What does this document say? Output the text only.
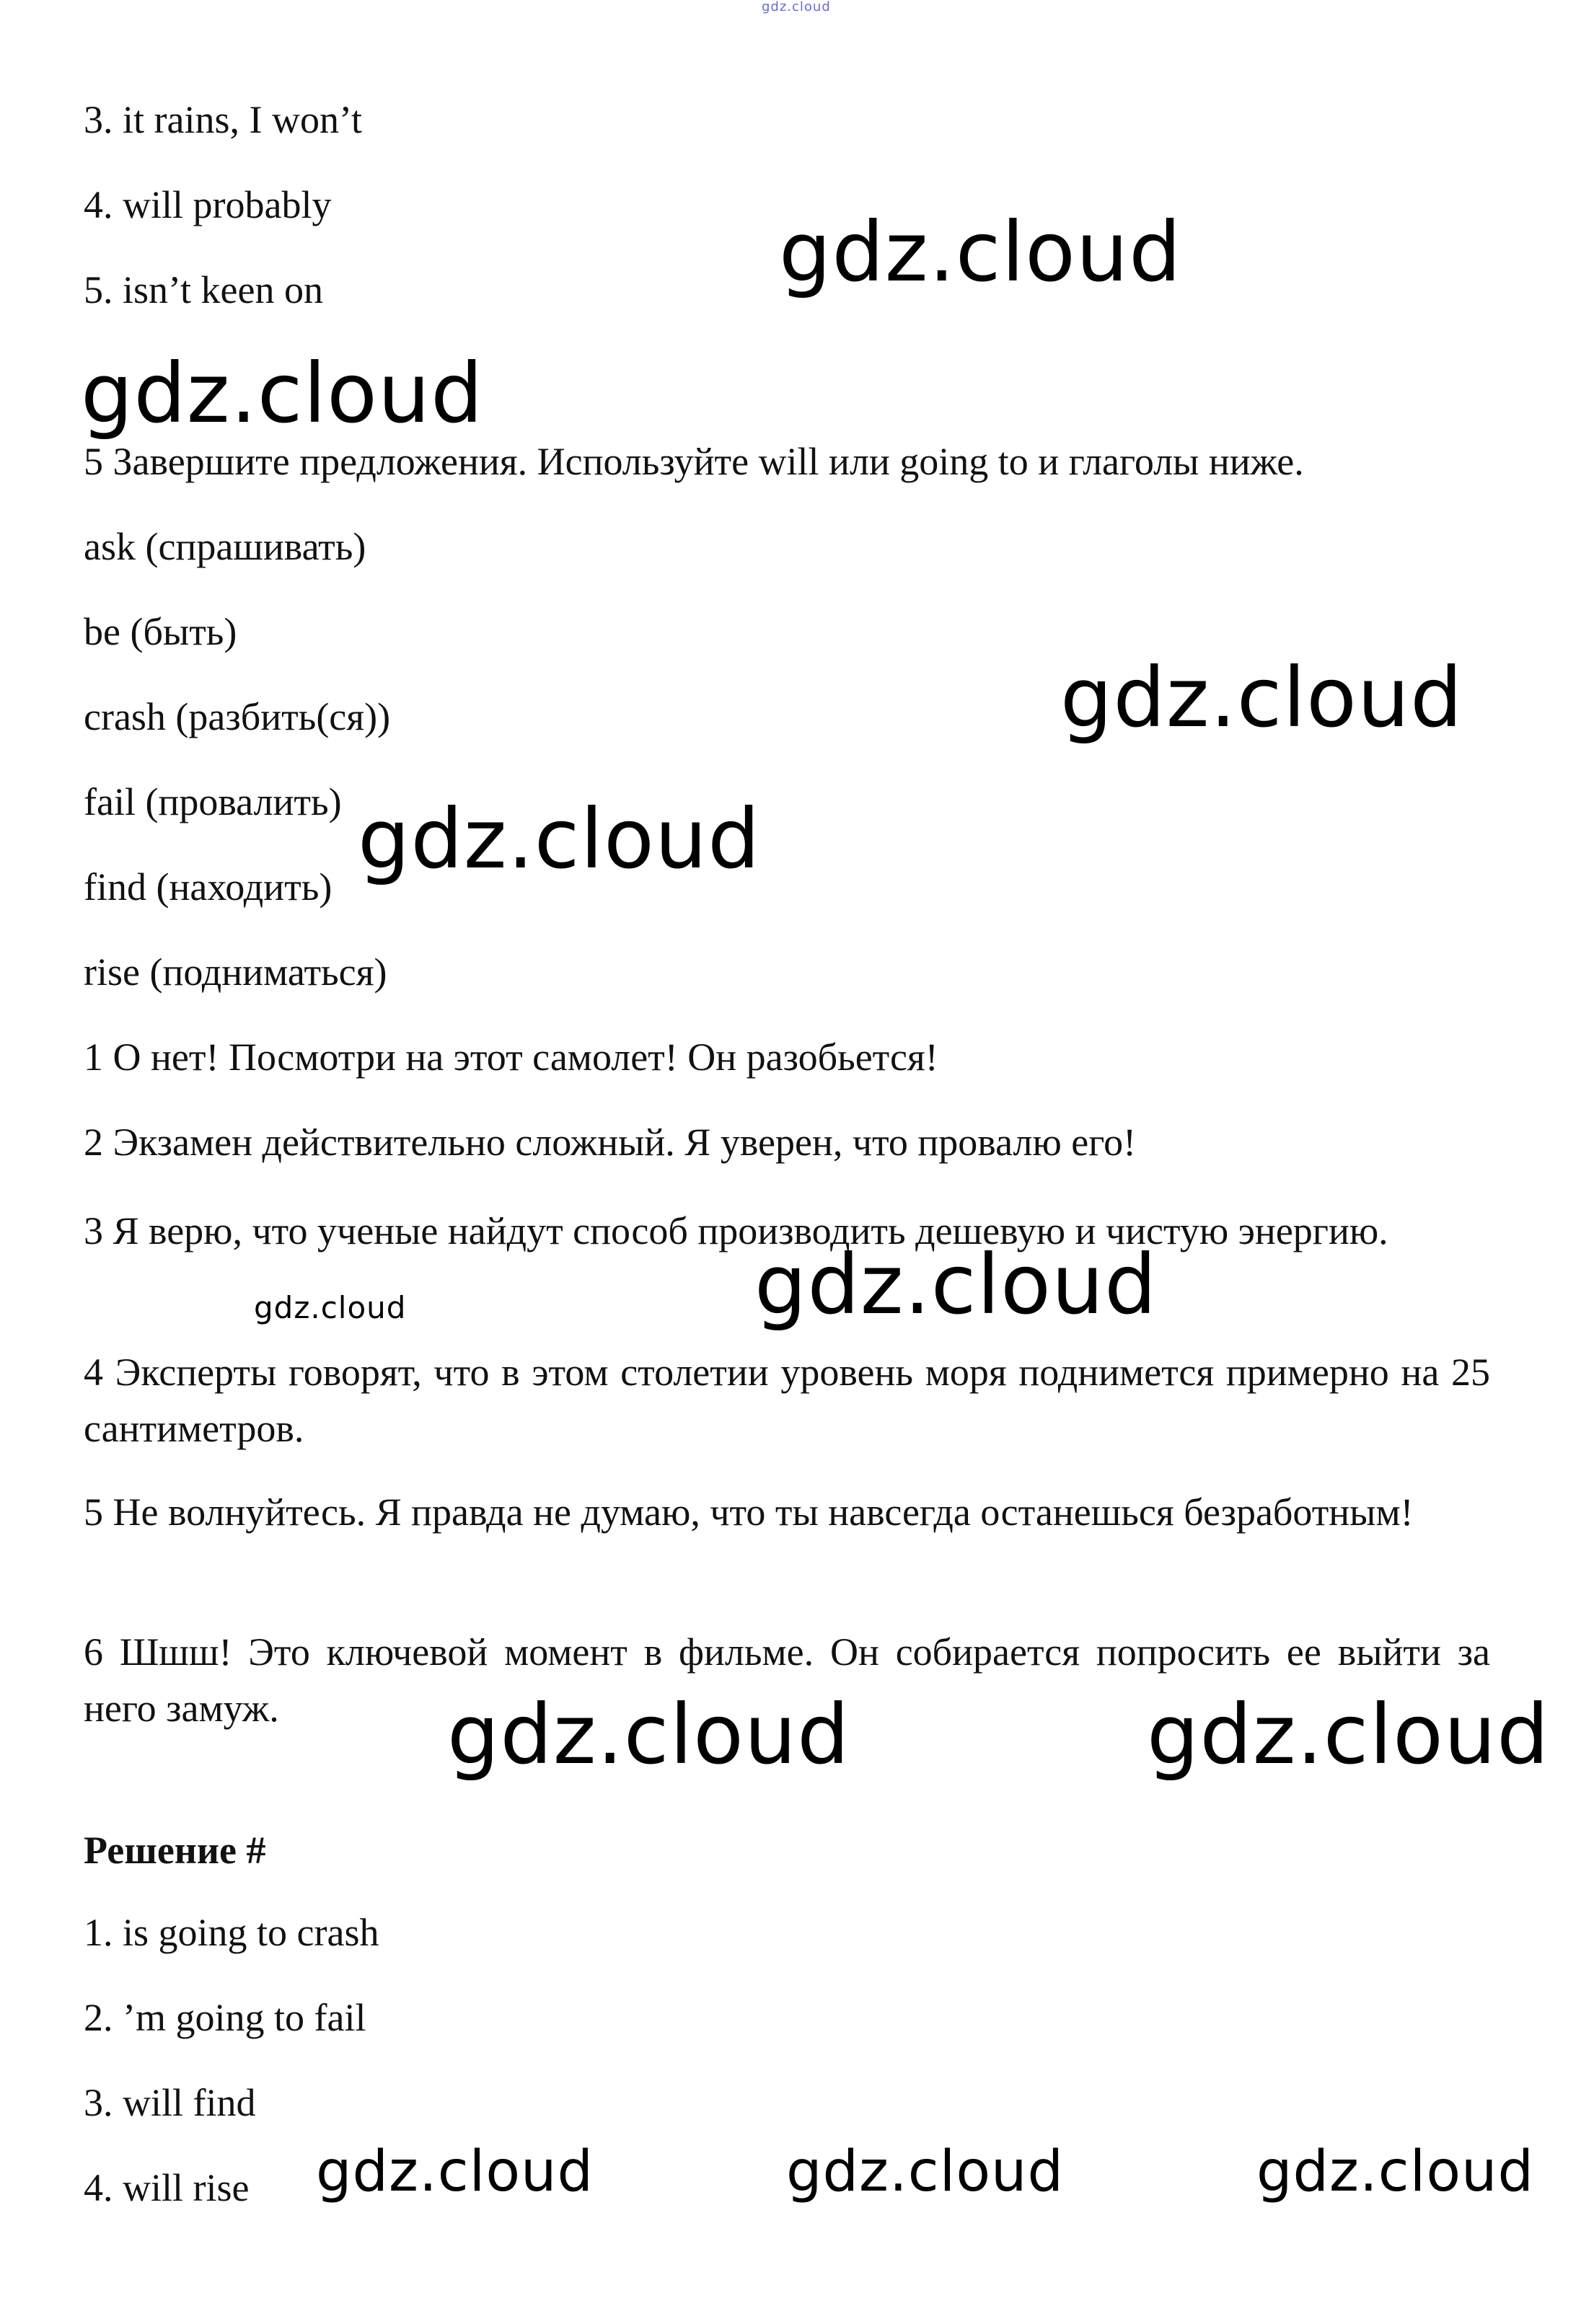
gdz.cloud
3. it rains, I won’t
4. will probably
5. isn’t keen on
5 Завершите предложения. Используйте will или going to и глаголы ниже.
ask (спрашивать)
be (быть)
crash (разбить(ся))
fail (провалить)
find (находить)
rise (подниматься)
1 О нет! Посмотри на этот самолет! Он разобьется!
2 Экзамен действительно сложный. Я уверен, что провалю его!
3 Я верю, что ученые найдут способ производить дешевую и чистую энергию.
4 Эксперты говорят, что в этом столетии уровень моря поднимется примерно на 25 сантиметров.
5 Не волнуйтесь. Я правда не думаю, что ты навсегда останешься безработным!
6 Шшш! Это ключевой момент в фильме. Он собирается попросить ее выйти за него замуж.
Решение #
1. is going to crash
2. ’m going to fail
3. will find
4. will rise
gdz.cloud
gdz.cloud
gdz.cloud
gdz.cloud
gdz.cloud	gdz.cloud
gdz.cloud	gdz.cloud
gdz.cloud	gdz.cloud	gdz.cloud
